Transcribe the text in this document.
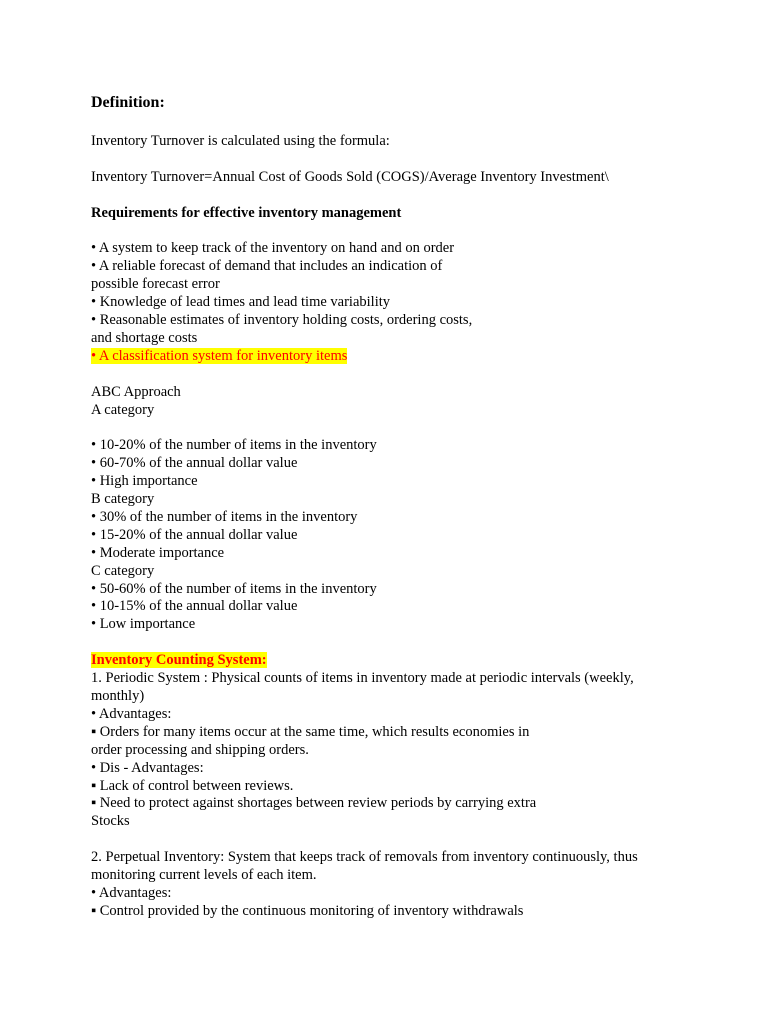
Definition:

Inventory Turnover is calculated using the formula:

Inventory Turnover=Annual Cost of Goods Sold (COGS)/Average Inventory Investment\

Requirements for effective inventory management

• A system to keep track of the inventory on hand and on order

• A reliable forecast of demand that includes an indication of

possible forecast error

• Knowledge of lead times and lead time variability

• Reasonable estimates of inventory holding costs, ordering costs,

and shortage costs

• A classification system for inventory items

ABC Approach

A category

• 10-20% of the number of items in the inventory

• 60-70% of the annual dollar value

• High importance

B category

• 30% of the number of items in the inventory

• 15-20% of the annual dollar value

• Moderate importance

C category

• 50-60% of the number of items in the inventory

• 10-15% of the annual dollar value

• Low importance

Inventory Counting System:

1. Periodic System : Physical counts of items in inventory made at periodic intervals (weekly, monthly)

• Advantages:

▪ Orders for many items occur at the same time, which results economies in

order processing and shipping orders.

• Dis - Advantages:

▪ Lack of control between reviews.

▪ Need to protect against shortages between review periods by carrying extra

Stocks

2. Perpetual Inventory: System that keeps track of removals from inventory continuously, thus monitoring current levels of each item.

• Advantages:

▪ Control provided by the continuous monitoring of inventory withdrawals
